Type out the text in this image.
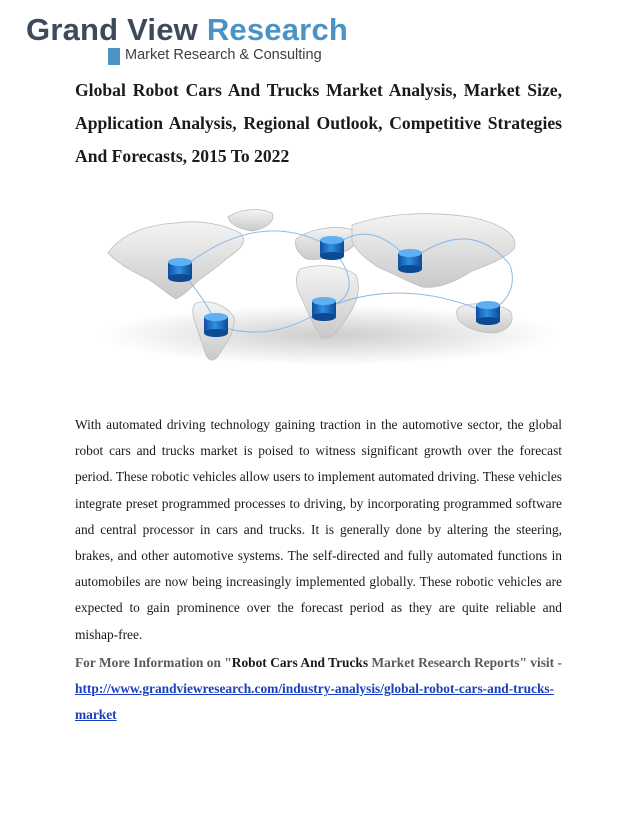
Grand View Research
Market Research & Consulting
Global Robot Cars And Trucks Market Analysis, Market Size, Application Analysis, Regional Outlook, Competitive Strategies And Forecasts, 2015 To 2022

With automated driving technology gaining traction in the automotive sector, the global robot cars and trucks market is poised to witness significant growth over the forecast period. These robotic vehicles allow users to implement automated driving. These vehicles integrate preset programmed processes to driving, by incorporating programmed software and central processor in cars and trucks. It is generally done by altering the steering, brakes, and other automotive systems. The self-directed and fully automated functions in automobiles are now being increasingly implemented globally. These robotic vehicles are expected to gain prominence over the forecast period as they are quite reliable and mishap-free.

For More Information on "Robot Cars And Trucks Market Research Reports" visit - http://www.grandviewresearch.com/industry-analysis/global-robot-cars-and-trucks-market
